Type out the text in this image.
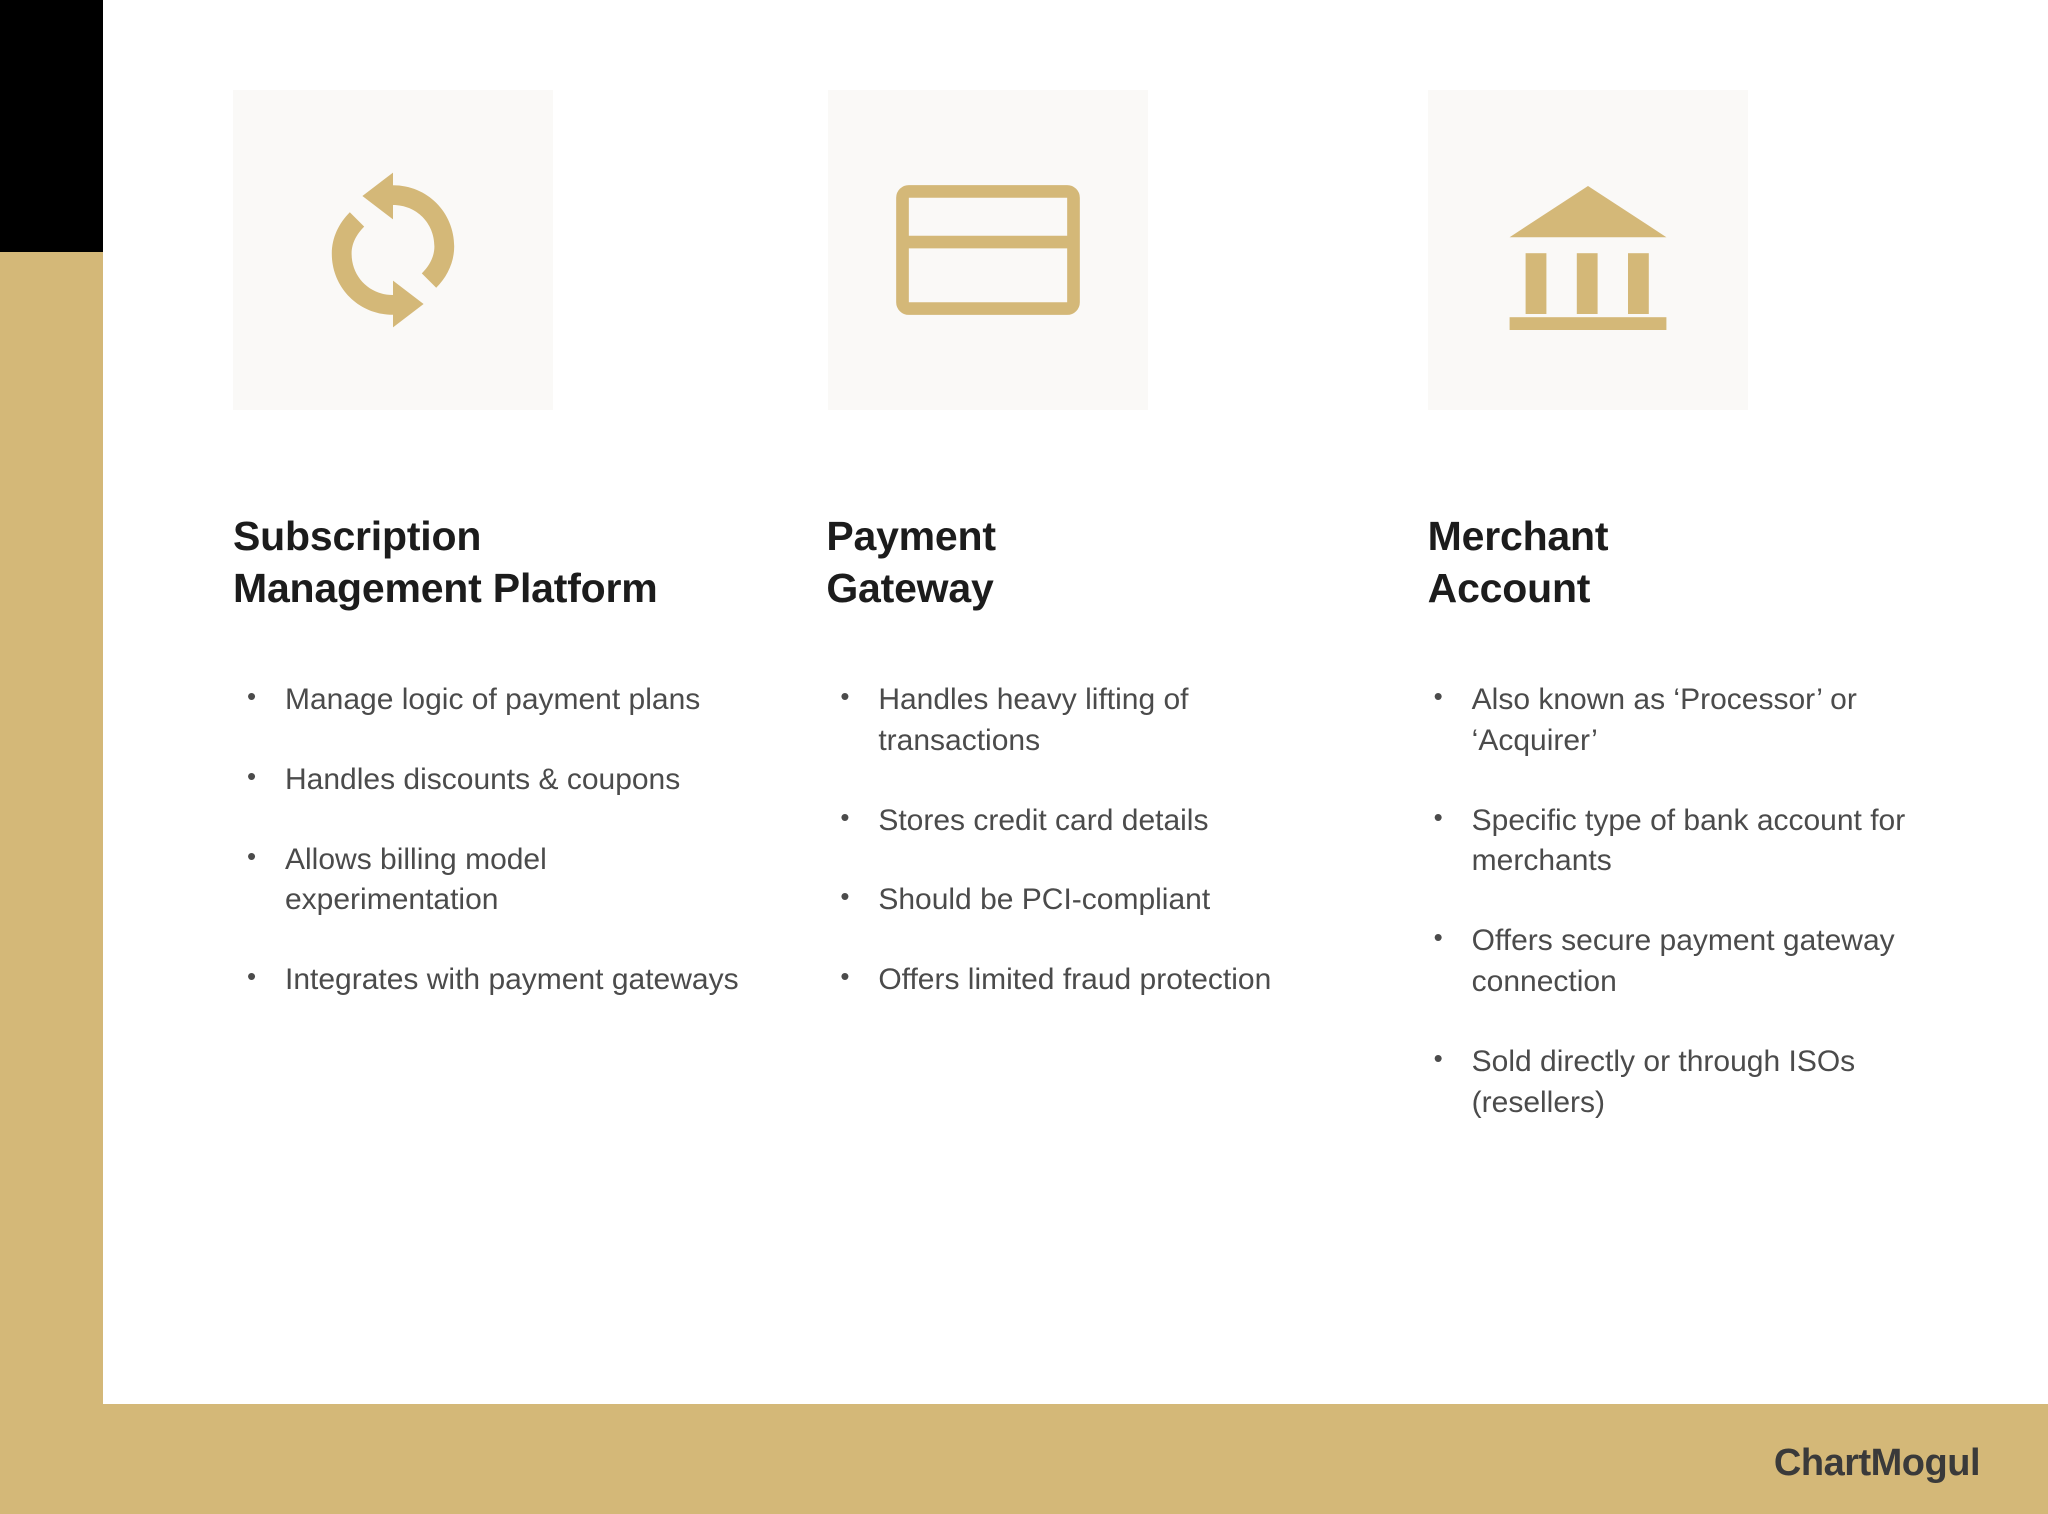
Subscription
Management Platform
• Manage logic of payment plans
• Handles discounts & coupons
• Allows billing model experimentation
• Integrates with payment gateways
Payment
Gateway
• Handles heavy lifting of transactions
• Stores credit card details
• Should be PCI-compliant
• Offers limited fraud protection
Merchant
Account
• Also known as ‘Processor’ or ‘Acquirer’
• Specific type of bank account for merchants
• Offers secure payment gateway connection
• Sold directly or through ISOs (resellers)
ChartMogul
